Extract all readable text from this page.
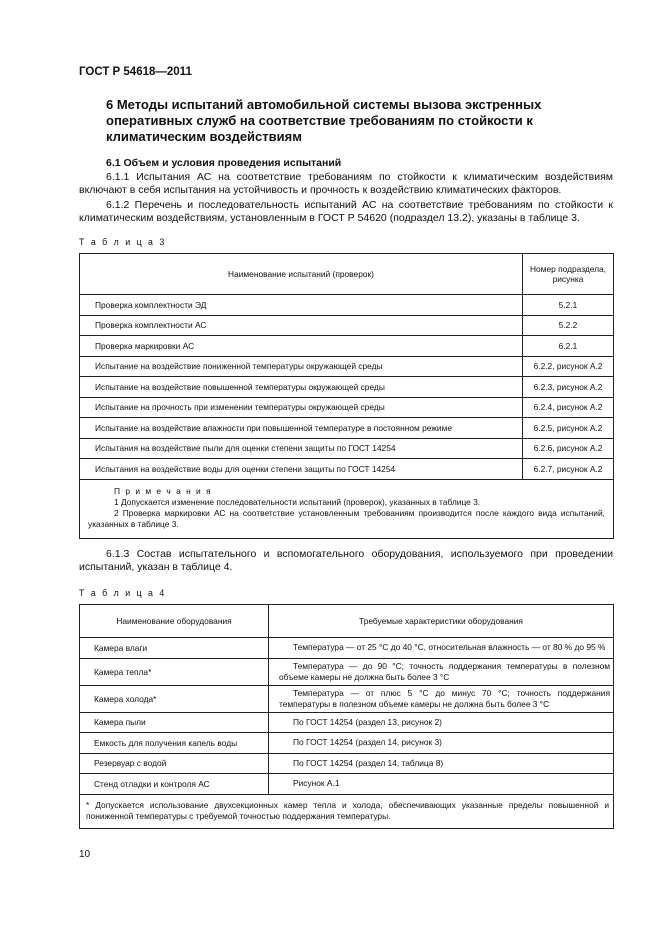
ГОСТ Р 54618—2011
6 Методы испытаний автомобильной системы вызова экстренных оперативных служб на соответствие требованиям по стойкости к климатическим воздействиям
6.1 Объем и условия проведения испытаний
6.1.1 Испытания АС на соответствие требованиям по стойкости к климатическим воздействиям включают в себя испытания на устойчивость и прочность к воздействию климатических факторов.
6.1.2 Перечень и последовательность испытаний АС на соответствие требованиям по стойкости к климатическим воздействиям, установленным в ГОСТ Р 54620 (подраздел 13.2), указаны в таблице 3.
Т а б л и ц а 3
Наименование испытаний (проверок)	Номер подраздела, рисунка
Проверка комплектности ЭД	5.2.1
Проверка комплектности АС	5.2.2
Проверка маркировки АС	6.2.1
Испытание на воздействие пониженной температуры окружающей среды	6.2.2, рисунок А.2
Испытание на воздействие повышенной температуры окружающей среды	6.2.3, рисунок А.2
Испытание на прочность при изменении температуры окружающей среды	6.2.4, рисунок А.2
Испытание на воздействие влажности при повышенной температуре в постоянном режиме	6.2.5, рисунок А.2
Испытания на воздействие пыли для оценки степени защиты по ГОСТ 14254	6.2.6, рисунок А.2
Испытания на воздействие воды для оценки степени защиты по ГОСТ 14254	6.2.7, рисунок А.2

П р и м е ч а н и я
1 Допускается изменение последовательности испытаний (проверок), указанных в таблице 3.
2 Проверка маркировки АС на соответствие установленным требованиям производится после каждого вида испытаний, указанных в таблице 3.	
6.1.3 Состав испытательного и вспомогательного оборудования, используемого при проведении испытаний, указан в таблице 4.
Т а б л и ц а 4
Наименование оборудования	Требуемые характеристики оборудования
Камера влаги	Температура — от 25 °С до 40 °С, относительная влажность — от 80 % до 95 %

Камера тепла*	Температура — до 90 °С; точность поддержания температуры в полезном объеме камеры не должна быть более 3 °С

Камера холода*	Температура — от плюс 5 °С до минус 70 °С; точность поддержания температуры в полезном объеме камеры не должна быть более 3 °С

Камера пыли	По ГОСТ 14254 (раздел 13, рисунок 2)

Емкость для получения капель воды	По ГОСТ 14254 (раздел 14, рисунок 3)

Резервуар с водой	По ГОСТ 14254 (раздел 14, таблица 8)

Стенд отладки и контроля АС	Рисунок А.1

* Допускается использование двухсекционных камер тепла и холода, обеспечивающих указанные пределы повышенной и пониженной температуры с требуемой точностью поддержания температуры.	
10
